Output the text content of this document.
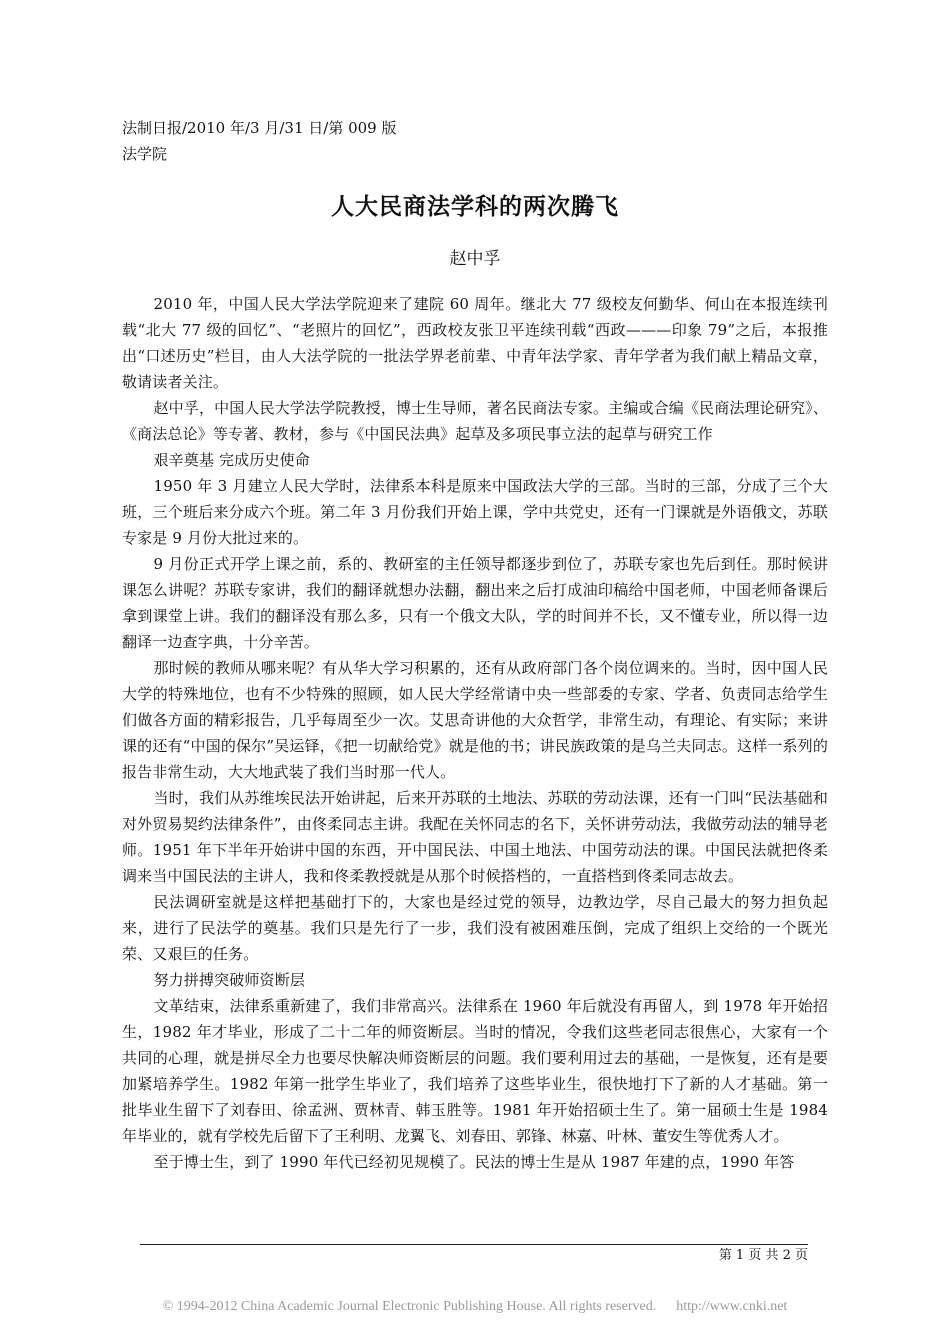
法制日报/2010 年/3 月/31 日/第 009 版
法学院
人大民商法学科的两次腾飞
赵中孚

2010 年，中国人民大学法学院迎来了建院 60 周年。继北大 77 级校友何勤华、何山在本报连续刊载“北大 77 级的回忆”、“老照片的回忆”，西政校友张卫平连续刊载“西政———印象 79”之后，本报推出“口述历史”栏目，由人大法学院的一批法学界老前辈、中青年法学家、青年学者为我们献上精品文章，敬请读者关注。

赵中孚，中国人民大学法学院教授，博士生导师，著名民商法专家。主编或合编《民商法理论研究》、《商法总论》等专著、教材，参与《中国民法典》起草及多项民事立法的起草与研究工作

艰辛奠基 完成历史使命

1950 年 3 月建立人民大学时，法律系本科是原来中国政法大学的三部。当时的三部，分成了三个大班，三个班后来分成六个班。第二年 3 月份我们开始上课，学中共党史，还有一门课就是外语俄文，苏联专家是 9 月份大批过来的。

9 月份正式开学上课之前，系的、教研室的主任领导都逐步到位了，苏联专家也先后到任。那时候讲课怎么讲呢？苏联专家讲，我们的翻译就想办法翻，翻出来之后打成油印稿给中国老师，中国老师备课后拿到课堂上讲。我们的翻译没有那么多，只有一个俄文大队，学的时间并不长，又不懂专业，所以得一边翻译一边查字典，十分辛苦。

那时候的教师从哪来呢？有从华大学习积累的，还有从政府部门各个岗位调来的。当时，因中国人民大学的特殊地位，也有不少特殊的照顾，如人民大学经常请中央一些部委的专家、学者、负责同志给学生们做各方面的精彩报告，几乎每周至少一次。艾思奇讲他的大众哲学，非常生动，有理论、有实际；来讲课的还有“中国的保尔”吴运铎，《把一切献给党》就是他的书；讲民族政策的是乌兰夫同志。这样一系列的报告非常生动，大大地武装了我们当时那一代人。

当时，我们从苏维埃民法开始讲起，后来开苏联的土地法、苏联的劳动法课，还有一门叫“民法基础和对外贸易契约法律条件”，由佟柔同志主讲。我配在关怀同志的名下，关怀讲劳动法，我做劳动法的辅导老师。1951 年下半年开始讲中国的东西，开中国民法、中国土地法、中国劳动法的课。中国民法就把佟柔调来当中国民法的主讲人，我和佟柔教授就是从那个时候搭档的，一直搭档到佟柔同志故去。

民法调研室就是这样把基础打下的，大家也是经过党的领导，边教边学，尽自己最大的努力担负起来，进行了民法学的奠基。我们只是先行了一步，我们没有被困难压倒，完成了组织上交给的一个既光荣、又艰巨的任务。

努力拼搏突破师资断层

文革结束，法律系重新建了，我们非常高兴。法律系在 1960 年后就没有再留人，到 1978 年开始招生，1982 年才毕业，形成了二十二年的师资断层。当时的情况，令我们这些老同志很焦心，大家有一个共同的心理，就是拼尽全力也要尽快解决师资断层的问题。我们要利用过去的基础，一是恢复，还有是要加紧培养学生。1982 年第一批学生毕业了，我们培养了这些毕业生，很快地打下了新的人才基础。第一批毕业生留下了刘春田、徐孟洲、贾林青、韩玉胜等。1981 年开始招硕士生了。第一届硕士生是 1984 年毕业的，就有学校先后留下了王利明、龙翼飞、刘春田、郭锋、林嘉、叶林、董安生等优秀人才。

至于博士生，到了 1990 年代已经初见规模了。民法的博士生是从 1987 年建的点，1990 年答

第 1 页 共 2 页
© 1994-2012 China Academic Journal Electronic Publishing House. All rights reserved. http://www.cnki.net
